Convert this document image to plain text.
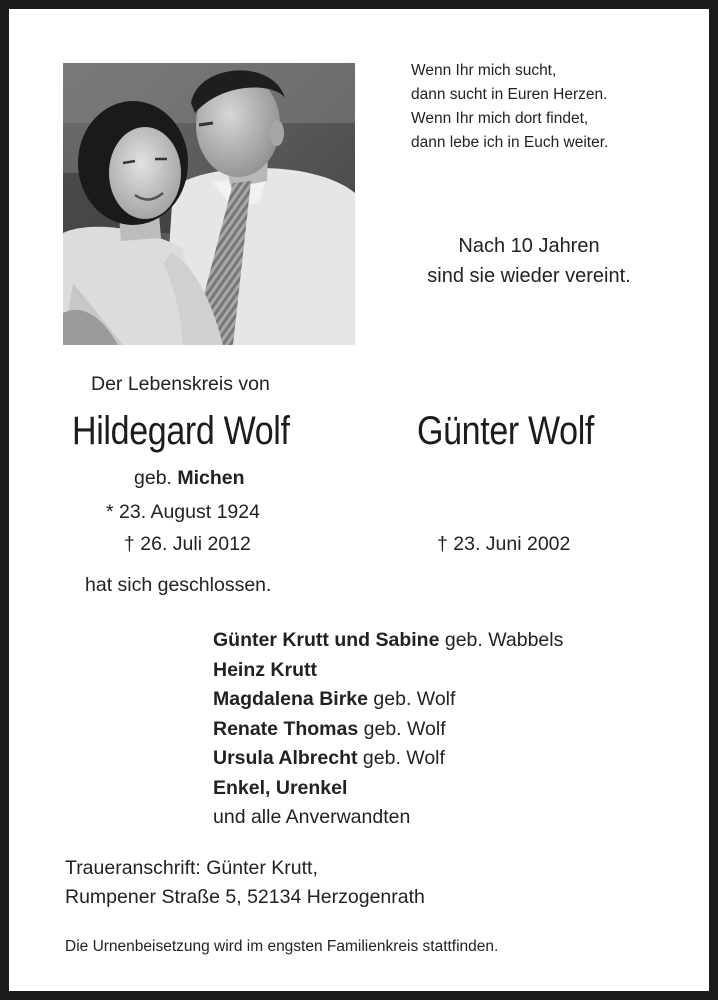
Wenn Ihr mich sucht,
dann sucht in Euren Herzen.
Wenn Ihr mich dort findet,
dann lebe ich in Euch weiter.
Nach 10 Jahren
sind sie wieder vereint.
Der Lebenskreis von
Hildegard Wolf	Günter Wolf
geb. Michen
* 23. August 1924
† 26. Juli 2012	† 23. Juni 2002
hat sich geschlossen.
Günter Krutt und Sabine geb. Wabbels
Heinz Krutt
Magdalena Birke geb. Wolf
Renate Thomas geb. Wolf
Ursula Albrecht geb. Wolf
Enkel, Urenkel
und alle Anverwandten
Traueranschrift: Günter Krutt,
Rumpener Straße 5, 52134 Herzogenrath
Die Urnenbeisetzung wird im engsten Familienkreis stattfinden.
